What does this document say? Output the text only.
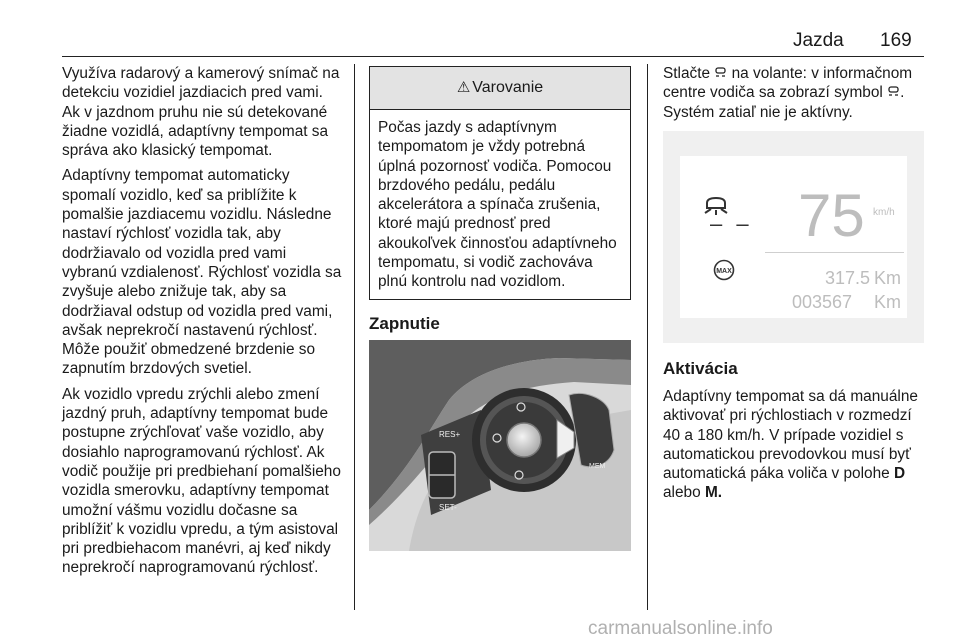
Jazda 169

Využíva radarový a kamerový snímač na detekciu vozidiel jazdiacich pred vami. Ak v jazdnom pruhu nie sú detekované žiadne vozidlá, adaptívny tempomat sa správa ako klasický tempomat.

Adaptívny tempomat automaticky spomalí vozidlo, keď sa priblížite k pomalšie jazdiacemu vozidlu. Následne nastaví rýchlosť vozidla tak, aby dodržiavalo od vozidla pred vami vybranú vzdialenosť. Rýchlosť vozidla sa zvyšuje alebo znižuje tak, aby sa dodržiaval odstup od vozidla pred vami, avšak neprekročí nastavenú rýchlosť. Môže použiť obmedzené brzdenie so zapnutím brzdových svetiel.

Ak vozidlo vpredu zrýchli alebo zmení jazdný pruh, adaptívny tempomat bude postupne zrýchľovať vaše vozidlo, aby dosiahlo naprogramovanú rýchlosť. Ak vodič použije pri predbiehaní pomalšieho vozidla smerovku, adaptívny tempomat umožní vášmu vozidlu dočasne sa priblížiť k vozidlu vpredu, a tým asistoval pri predbiehacom manévri, aj keď nikdy neprekročí naprogramovanú rýchlosť.

⚠ Varovanie
Počas jazdy s adaptívnym tempomatom je vždy potrebná úplná pozornosť vodiča. Pomocou brzdového pedálu, pedálu akcelerátora a spínača zrušenia, ktoré majú prednosť pred akoukoľvek činnosťou adaptívneho tempomatu, si vodič zachováva plnú kontrolu nad vozidlom.
Zapnutie
RES+
SET-
MEM

Stlačte na volante: v informačnom centre vodiča sa zobrazí symbol . Systém zatiaľ nie je aktívny.

– –
MAX
75 km/h
317.5 Km
003567 Km
Aktivácia

Adaptívny tempomat sa dá manuálne aktivovať pri rýchlostiach v rozmedzí 40 a 180 km/h. V prípade vozidiel s automatickou prevodovkou musí byť automatická páka voliča v polohe D alebo M.

carmanualsonline.info
